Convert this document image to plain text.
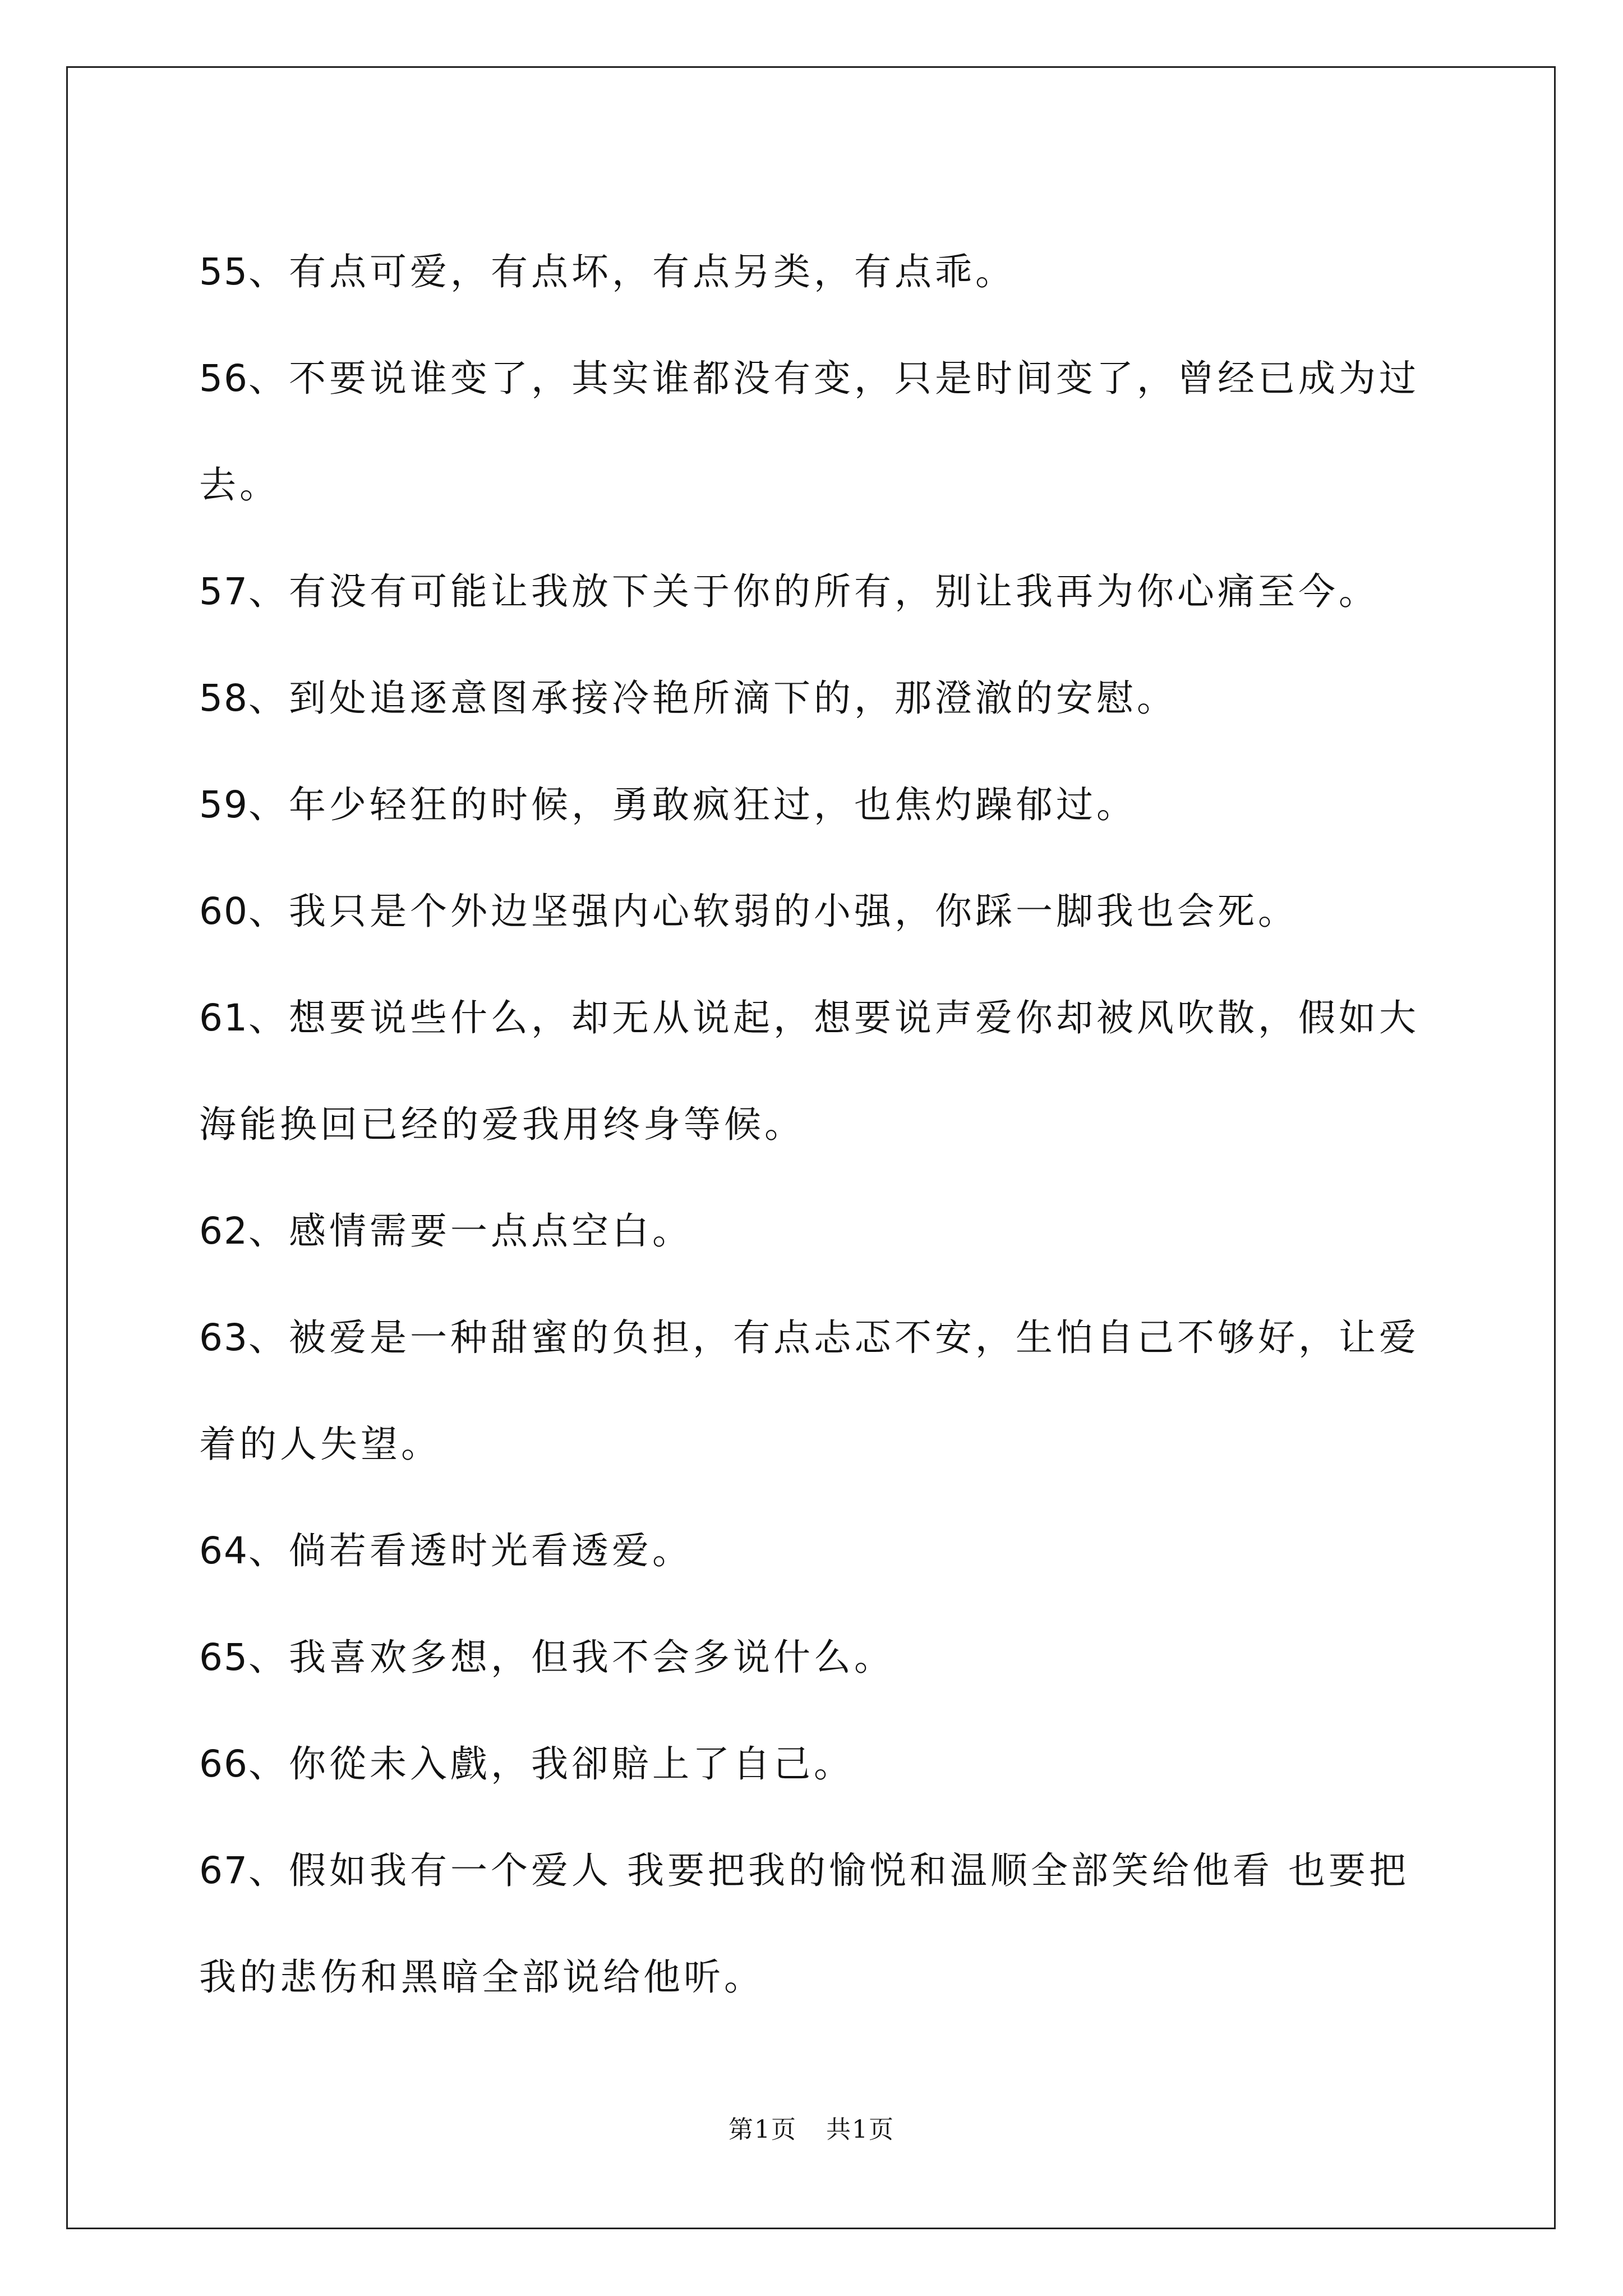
55、有点可爱，有点坏，有点另类，有点乖。
56、不要说谁变了，其实谁都没有变，只是时间变了，曾经已成为过去。
57、有没有可能让我放下关于你的所有，别让我再为你心痛至今。
58、到处追逐意图承接冷艳所滴下的，那澄澈的安慰。
59、年少轻狂的时候，勇敢疯狂过，也焦灼躁郁过。
60、我只是个外边坚强内心软弱的小强，你踩一脚我也会死。
61、想要说些什么，却无从说起，想要说声爱你却被风吹散，假如大海能换回已经的爱我用终身等候。
62、感情需要一点点空白。
63、被爱是一种甜蜜的负担，有点忐忑不安，生怕自己不够好，让爱着的人失望。
64、倘若看透时光看透爱。
65、我喜欢多想，但我不会多说什么。
66、你從未入戲，我卻賠上了自己。
67、假如我有一个爱人 我要把我的愉悦和温顺全部笑给他看 也要把我的悲伤和黑暗全部说给他听。
第1页 共1页
